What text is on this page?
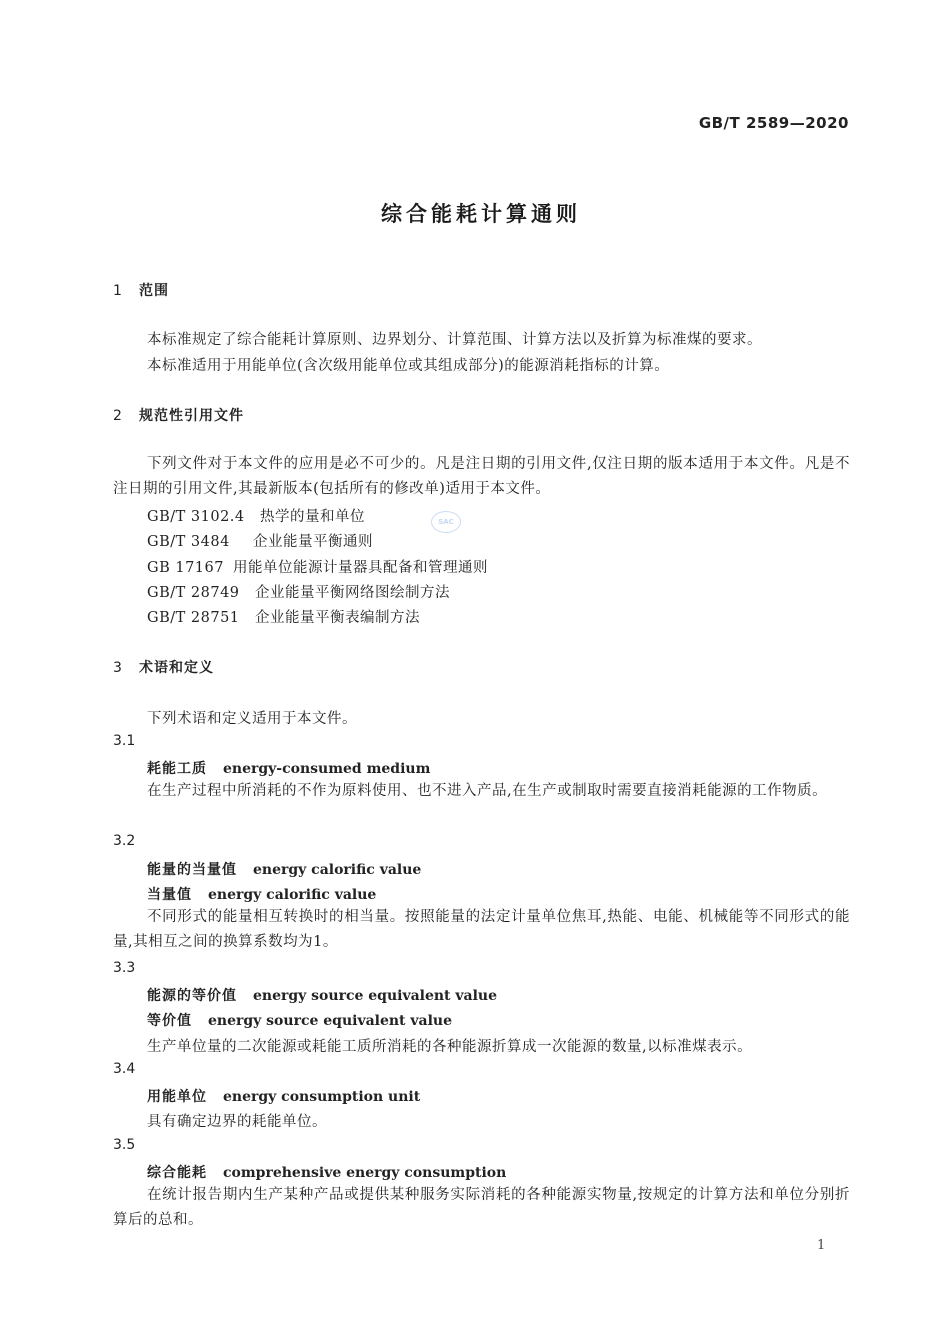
GB/T 2589—2020
综合能耗计算通则
1 范围
本标准规定了综合能耗计算原则、边界划分、计算范围、计算方法以及折算为标准煤的要求。
本标准适用于用能单位(含次级用能单位或其组成部分)的能源消耗指标的计算。
2 规范性引用文件
下列文件对于本文件的应用是必不可少的。凡是注日期的引用文件,仅注日期的版本适用于本文件。凡是不注日期的引用文件,其最新版本(包括所有的修改单)适用于本文件。
GB/T 3102.4 热学的量和单位
GB/T 3484 企业能量平衡通则
GB 17167 用能单位能源计量器具配备和管理通则
GB/T 28749 企业能量平衡网络图绘制方法
GB/T 28751 企业能量平衡表编制方法
3 术语和定义
下列术语和定义适用于本文件。
3.1
耗能工质 energy-consumed medium
在生产过程中所消耗的不作为原料使用、也不进入产品,在生产或制取时需要直接消耗能源的工作物质。
3.2
能量的当量值 energy calorific value
当量值 energy calorific value
不同形式的能量相互转换时的相当量。按照能量的法定计量单位焦耳,热能、电能、机械能等不同形式的能量,其相互之间的换算系数均为1。
3.3
能源的等价值 energy source equivalent value
等价值 energy source equivalent value
生产单位量的二次能源或耗能工质所消耗的各种能源折算成一次能源的数量,以标准煤表示。
3.4
用能单位 energy consumption unit
具有确定边界的耗能单位。
3.5
综合能耗 comprehensive energy consumption
在统计报告期内生产某种产品或提供某种服务实际消耗的各种能源实物量,按规定的计算方法和单位分别折算后的总和。
1
SAC
